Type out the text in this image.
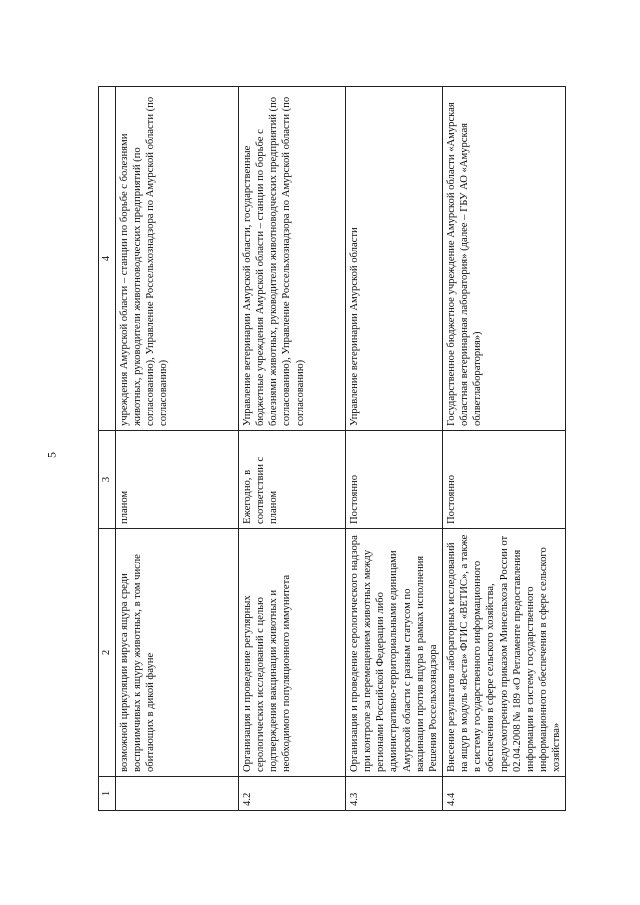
5
1	2	3	4
	возможной циркуляции вируса ящура среди восприимчивых к ящуру животных, в том числе обитающих в дикой фауне	планом	учреждения Амурской области – станции по борьбе с болезнями животных, руководители животноводческих предприятий (по согласованию), Управление Россельхознадзора по Амурской области (по согласованию)
4.2	Организация и проведение регулярных серологических исследований с целью подтверждения вакцинации животных и необходимого популяционного иммунитета	Ежегодно, в соответствии с планом	Управление ветеринарии Амурской области, государственные бюджетные учреждения Амурской области – станции по борьбе с болезнями животных, руководители животноводческих предприятий (по согласованию), Управление Россельхознадзора по Амурской области (по согласованию)
4.3	Организация и проведение серологического надзора при контроле за перемещением животных между регионами Российской Федерации либо административно-территориальными единицами Амурской области с разным статусом по вакцинации против ящура в рамках исполнения Решения Россельхознадзора	Постоянно	Управление ветеринарии Амурской области
4.4	Внесение результатов лабораторных исследований на ящур в модуль «Веста» ФГИС «ВЕТИС», а также в систему государственного информационного обеспечения в сфере сельского хозяйства, предусмотренную приказом Минсельхоза России от 02.04.2008 № 189 «О Регламенте предоставления информации в систему государственного информационного обеспечения в сфере сельского хозяйства»	Постоянно	Государственное бюджетное учреждение Амурской области «Амурская областная ветеринарная лаборатория» (далее – ГБУ АО «Амурская облветлаборатория»)
